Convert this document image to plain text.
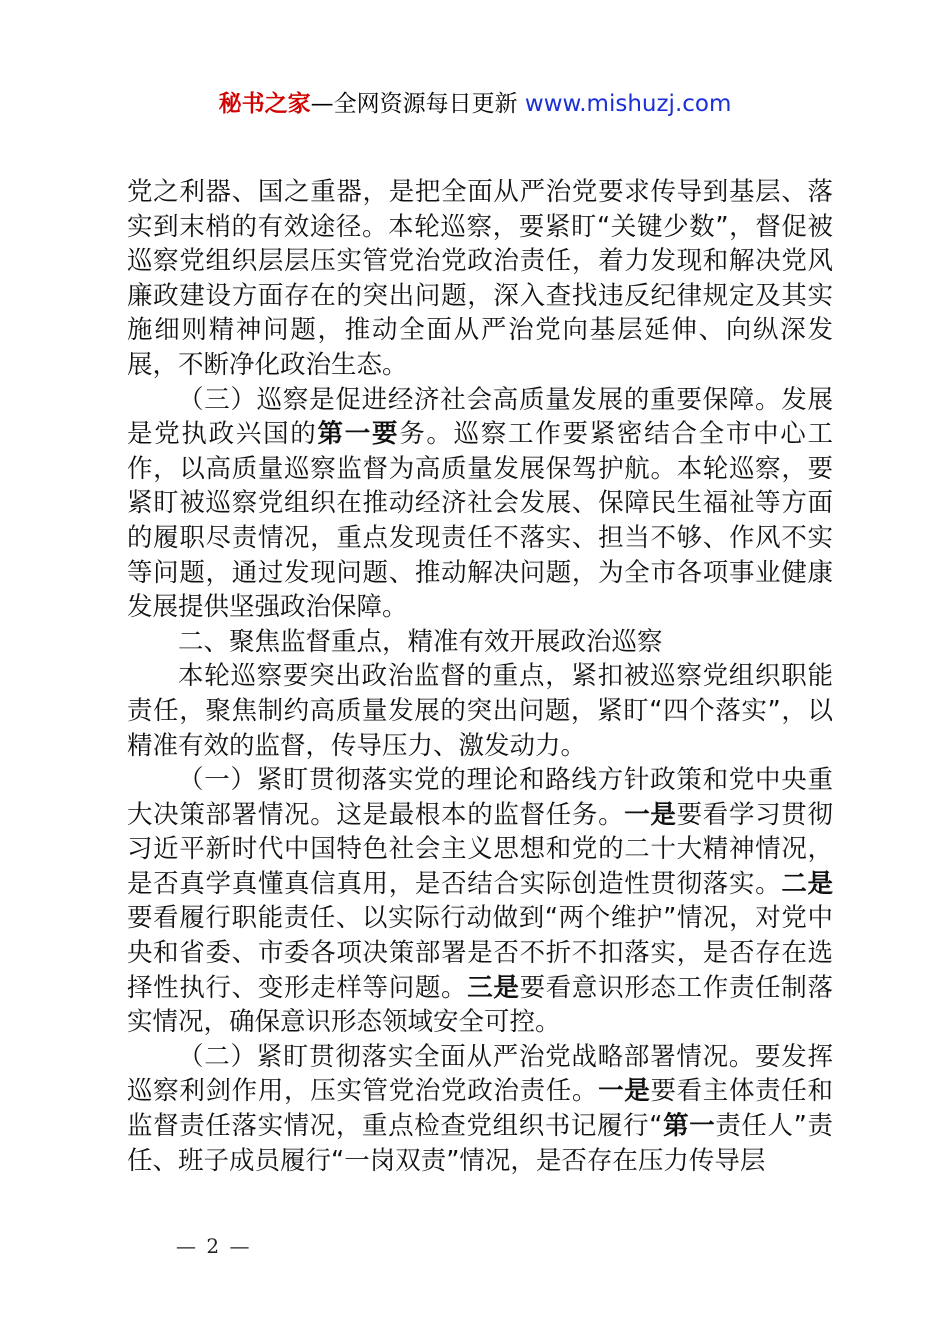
秘书之家—全网资源每日更新 www.mishuzj.com

党之利器、国之重器，是把全面从严治党要求传导到基层、落实到末梢的有效途径。本轮巡察，要紧盯“关键少数”，督促被巡察党组织层层压实管党治党政治责任，着力发现和解决党风廉政建设方面存在的突出问题，深入查找违反纪律规定及其实施细则精神问题，推动全面从严治党向基层延伸、向纵深发展，不断净化政治生态。

（三）巡察是促进经济社会高质量发展的重要保障。发展是党执政兴国的第一要务。巡察工作要紧密结合全市中心工作，以高质量巡察监督为高质量发展保驾护航。本轮巡察，要紧盯被巡察党组织在推动经济社会发展、保障民生福祉等方面的履职尽责情况，重点发现责任不落实、担当不够、作风不实等问题，通过发现问题、推动解决问题，为全市各项事业健康发展提供坚强政治保障。

二、聚焦监督重点，精准有效开展政治巡察

本轮巡察要突出政治监督的重点，紧扣被巡察党组织职能责任，聚焦制约高质量发展的突出问题，紧盯“四个落实”，以精准有效的监督，传导压力、激发动力。

（一）紧盯贯彻落实党的理论和路线方针政策和党中央重大决策部署情况。这是最根本的监督任务。一是要看学习贯彻习近平新时代中国特色社会主义思想和党的二十大精神情况，是否真学真懂真信真用，是否结合实际创造性贯彻落实。二是要看履行职能责任、以实际行动做到“两个维护”情况，对党中央和省委、市委各项决策部署是否不折不扣落实，是否存在选择性执行、变形走样等问题。三是要看意识形态工作责任制落实情况，确保意识形态领域安全可控。

（二）紧盯贯彻落实全面从严治党战略部署情况。要发挥巡察利剑作用，压实管党治党政治责任。一是要看主体责任和监督责任落实情况，重点检查党组织书记履行“第一责任人”责任、班子成员履行“一岗双责”情况，是否存在压力传导层

— 2 —
